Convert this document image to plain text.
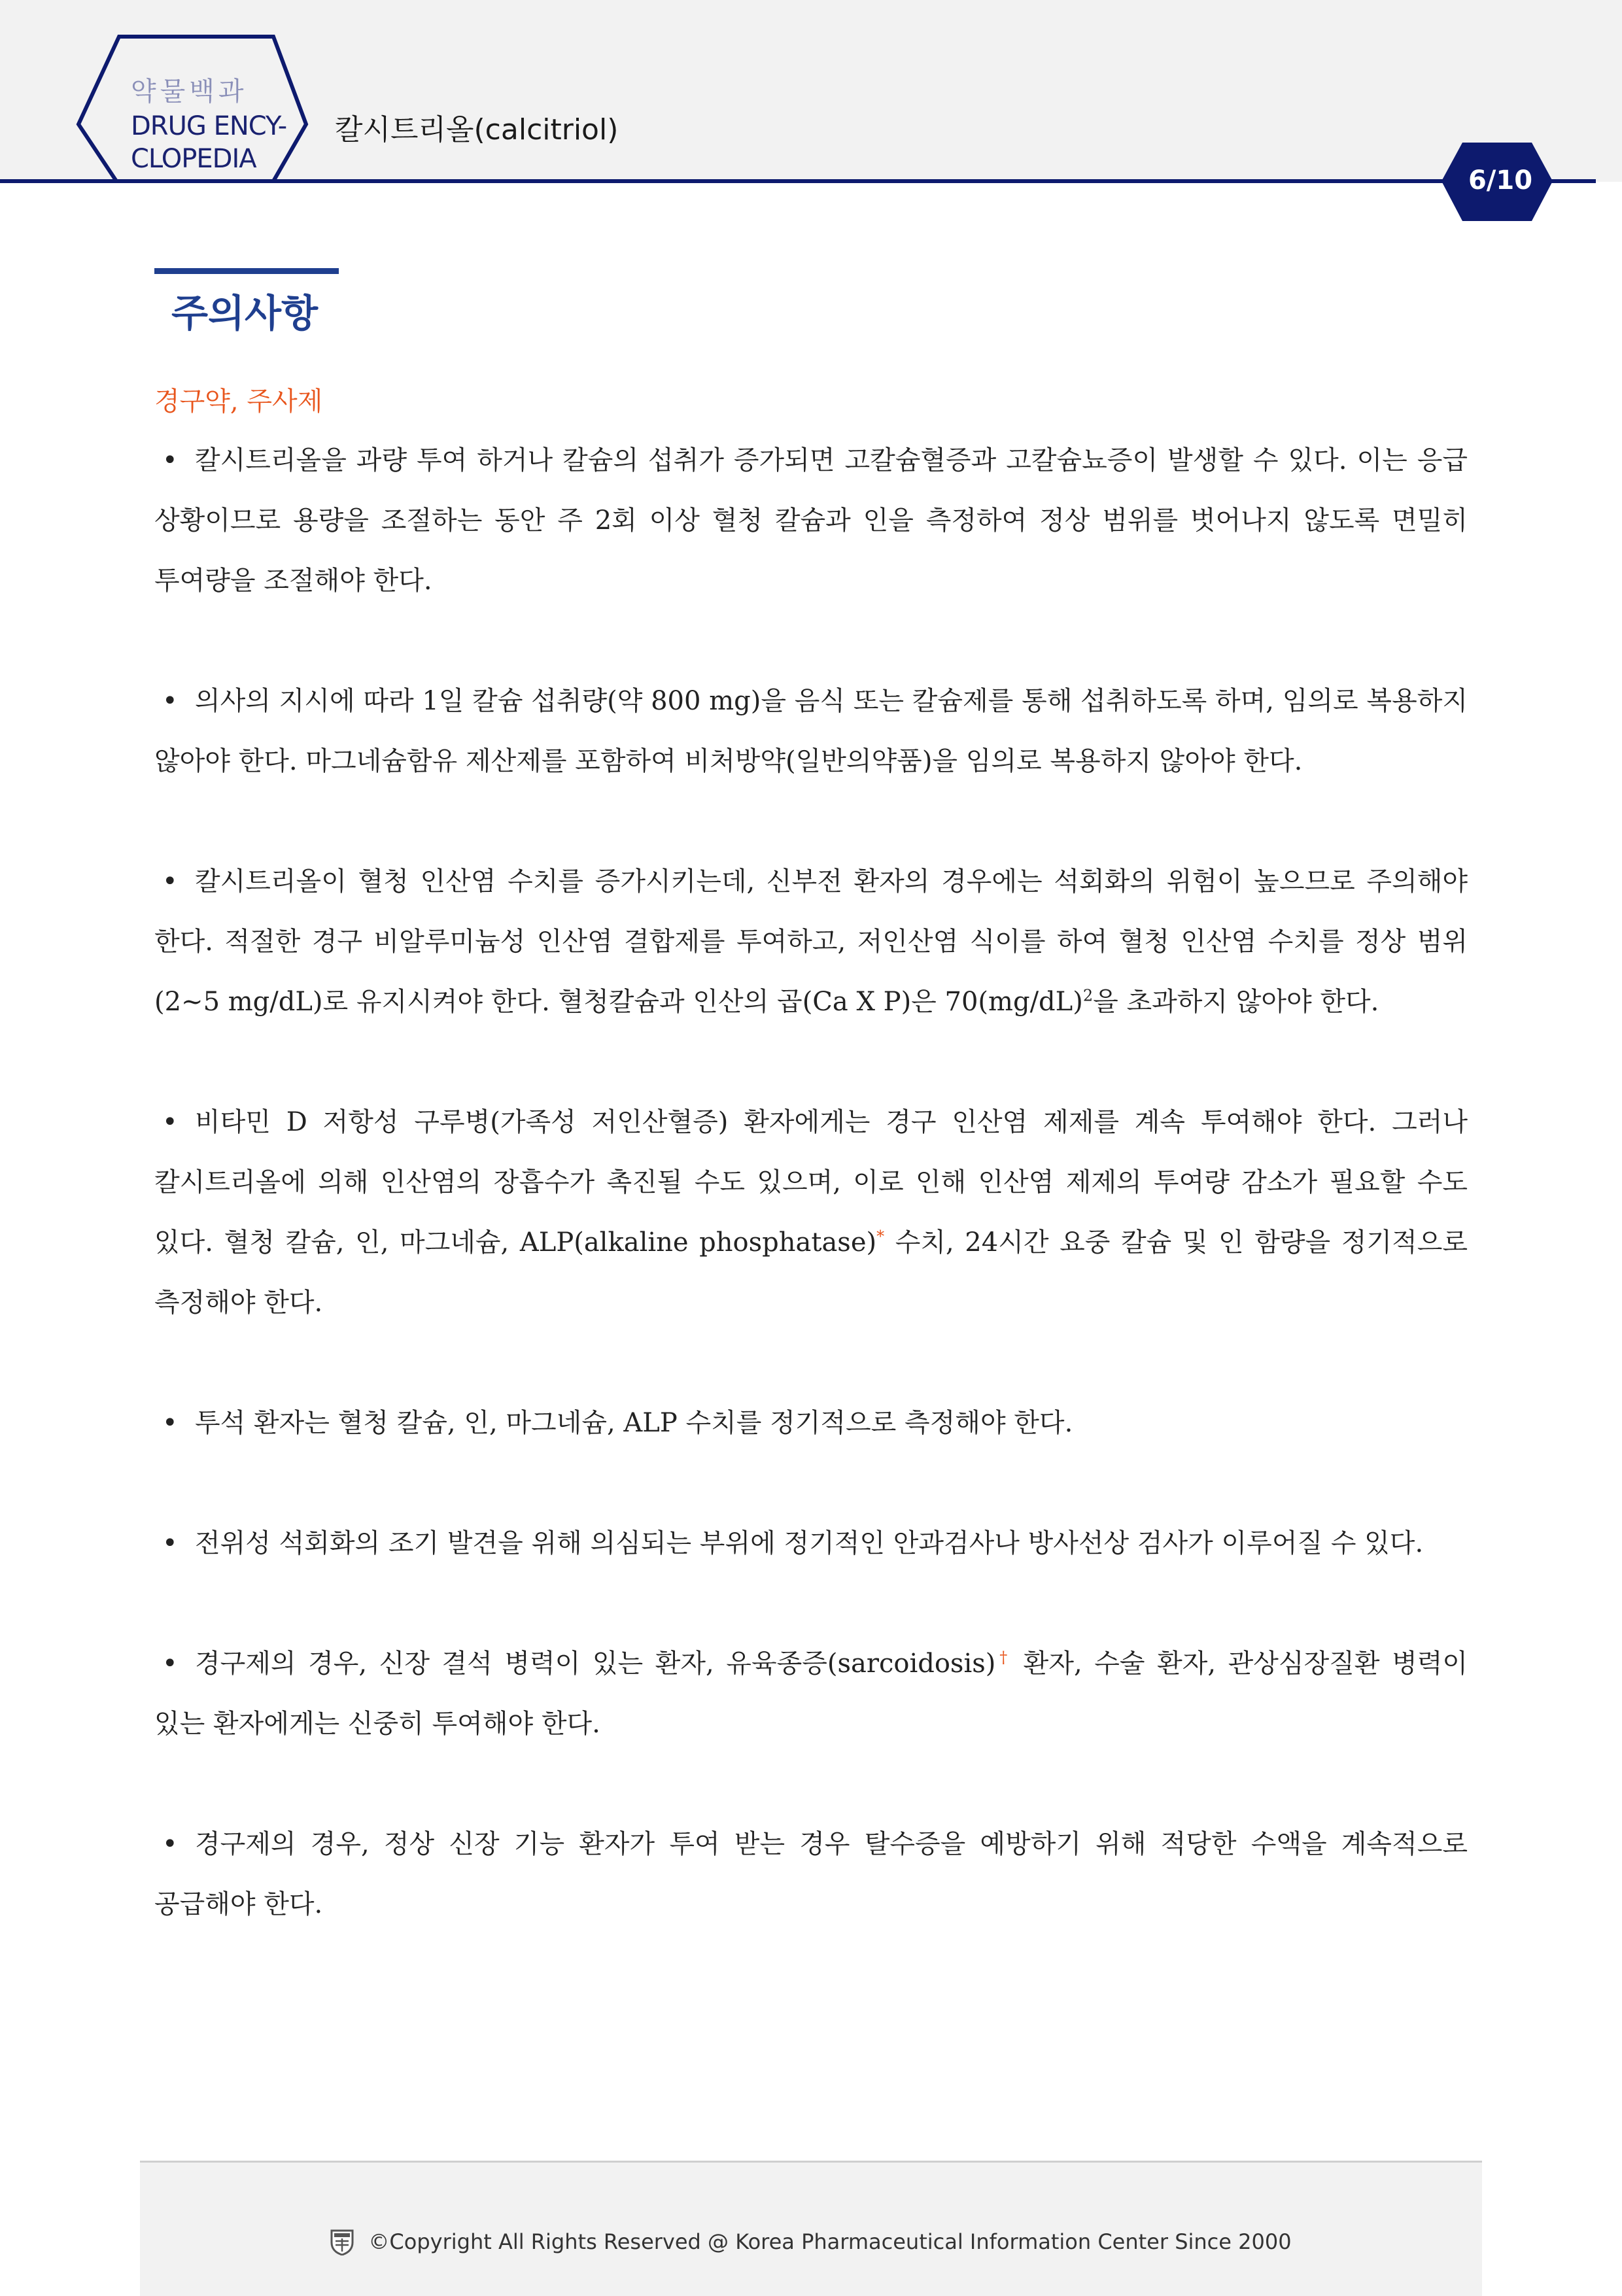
약물백과
DRUG ENCY-
CLOPEDIA
칼시트리올(calcitriol)
6/10
주의사항
경구약, 주사제

• 칼시트리올을 과량 투여 하거나 칼슘의 섭취가 증가되면 고칼슘혈증과 고칼슘뇨증이 발생할 수 있다. 이는 응급 상황이므로 용량을 조절하는 동안 주 2회 이상 혈청 칼슘과 인을 측정하여 정상 범위를 벗어나지 않도록 면밀히 투여량을 조절해야 한다.

• 의사의 지시에 따라 1일 칼슘 섭취량(약 800 mg)을 음식 또는 칼슘제를 통해 섭취하도록 하며, 임의로 복용하지 않아야 한다. 마그네슘함유 제산제를 포함하여 비처방약(일반의약품)을 임의로 복용하지 않아야 한다.

• 칼시트리올이 혈청 인산염 수치를 증가시키는데, 신부전 환자의 경우에는 석회화의 위험이 높으므로 주의해야 한다. 적절한 경구 비알루미늄성 인산염 결합제를 투여하고, 저인산염 식이를 하여 혈청 인산염 수치를 정상 범위(2~5 mg/dL)로 유지시켜야 한다. 혈청칼슘과 인산의 곱(Ca X P)은 $70(mg/dL)^2$을 초과하지 않아야 한다.

• 비타민 D 저항성 구루병(가족성 저인산혈증) 환자에게는 경구 인산염 제제를 계속 투여해야 한다. 그러나 칼시트리올에 의해 인산염의 장흡수가 촉진될 수도 있으며, 이로 인해 인산염 제제의 투여량 감소가 필요할 수도 있다. 혈청 칼슘, 인, 마그네슘, ALP(alkaline phosphatase)* 수치, 24시간 요중 칼슘 및 인 함량을 정기적으로 측정해야 한다.

• 투석 환자는 혈청 칼슘, 인, 마그네슘, ALP 수치를 정기적으로 측정해야 한다.

• 전위성 석회화의 조기 발견을 위해 의심되는 부위에 정기적인 안과검사나 방사선상 검사가 이루어질 수 있다.

• 경구제의 경우, 신장 결석 병력이 있는 환자, 유육종증(sarcoidosis)† 환자, 수술 환자, 관상심장질환 병력이 있는 환자에게는 신중히 투여해야 한다.

• 경구제의 경우, 정상 신장 기능 환자가 투여 받는 경우 탈수증을 예방하기 위해 적당한 수액을 계속적으로 공급해야 한다.

©Copyright All Rights Reserved @ Korea Pharmaceutical Information Center Since 2000
